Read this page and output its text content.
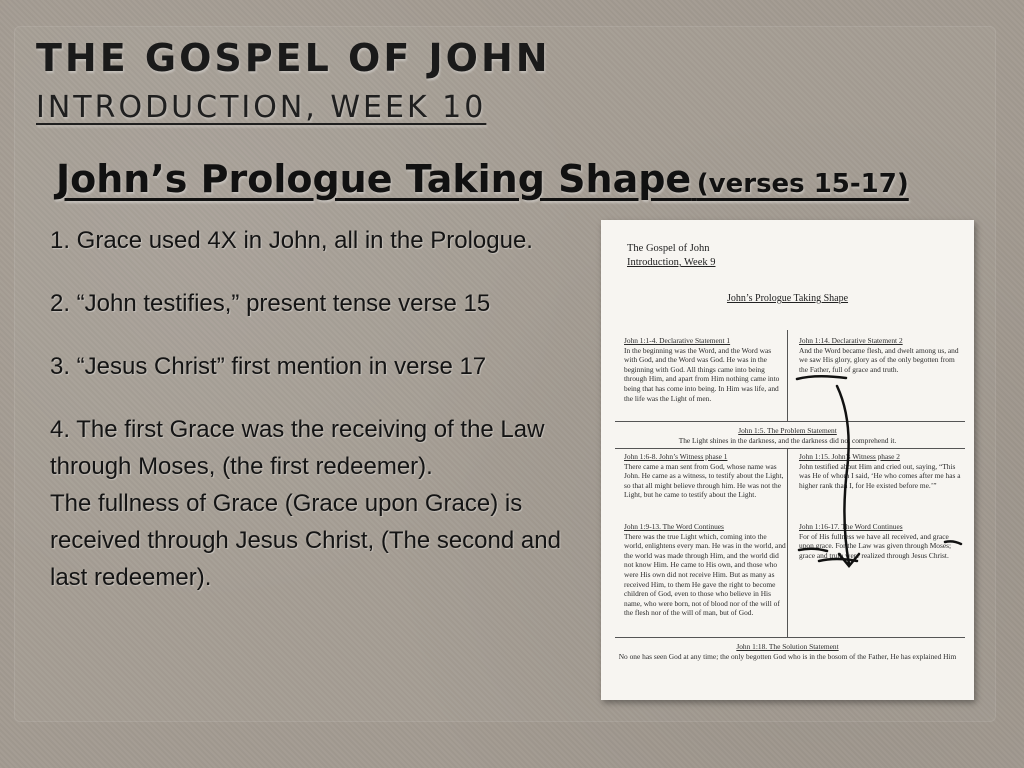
THE GOSPEL OF JOHN
INTRODUCTION, WEEK 10
John’s Prologue Taking Shape (verses 15-17)

1. Grace used 4X in John, all in the Prologue.

2. “John testifies,” present tense verse 15

3. “Jesus Christ” first mention in verse 17

4. The first Grace was the receiving of the Law through Moses, (the first redeemer).

The fullness of Grace (Grace upon Grace) is received through Jesus Christ, (The second and last redeemer).

The Gospel of John
Introduction, Week 9
John’s Prologue Taking Shape
John 1:1-4. Declarative Statement 1
In the beginning was the Word, and the Word was with God, and the Word was God. He was in the beginning with God. All things came into being through Him, and apart from Him nothing came into being that has come into being. In Him was life, and the life was the Light of men.
John 1:14. Declarative Statement 2
And the Word became flesh, and dwelt among us, and we saw His glory, glory as of the only begotten from the Father, full of grace and truth.
John 1:5. The Problem Statement
The Light shines in the darkness, and the darkness did not comprehend it.
John 1:6-8. John’s Witness phase 1
There came a man sent from God, whose name was John. He came as a witness, to testify about the Light, so that all might believe through him. He was not the Light, but he came to testify about the Light.
John 1:15. John’s Witness phase 2
John testified about Him and cried out, saying, “This was He of whom I said, ‘He who comes after me has a higher rank than I, for He existed before me.’”
John 1:9-13. The Word Continues
There was the true Light which, coming into the world, enlightens every man. He was in the world, and the world was made through Him, and the world did not know Him. He came to His own, and those who were His own did not receive Him. But as many as received Him, to them He gave the right to become children of God, even to those who believe in His name, who were born, not of blood nor of the will of the flesh nor of the will of man, but of God.
John 1:16-17. The Word Continues
For of His fullness we have all received, and grace upon grace. For the Law was given through Moses; grace and truth were realized through Jesus Christ.
John 1:18. The Solution Statement
No one has seen God at any time; the only begotten God who is in the bosom of the Father, He has explained Him
